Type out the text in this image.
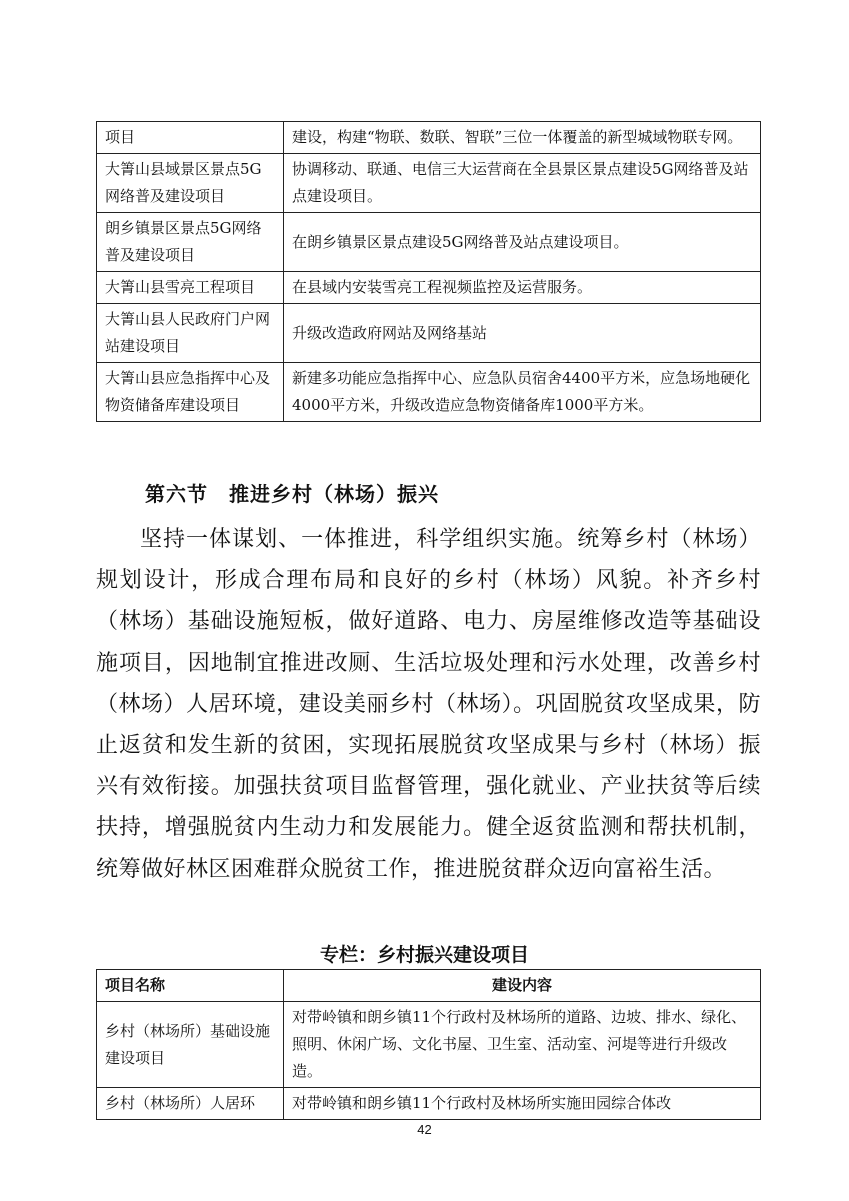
项目	建设，构建“物联、数联、智联”三位一体覆盖的新型城域物联专网。
大箐山县域景区景点5G网络普及建设项目	协调移动、联通、电信三大运营商在全县景区景点建设5G网络普及站点建设项目。
朗乡镇景区景点5G网络普及建设项目	在朗乡镇景区景点建设5G网络普及站点建设项目。
大箐山县雪亮工程项目	在县域内安装雪亮工程视频监控及运营服务。
大箐山县人民政府门户网站建设项目	升级改造政府网站及网络基站
大箐山县应急指挥中心及物资储备库建设项目	新建多功能应急指挥中心、应急队员宿舍4400平方米，应急场地硬化4000平方米，升级改造应急物资储备库1000平方米。
第六节　推进乡村（林场）振兴

坚持一体谋划、一体推进，科学组织实施。统筹乡村（林场）规划设计，形成合理布局和良好的乡村（林场）风貌。补齐乡村（林场）基础设施短板，做好道路、电力、房屋维修改造等基础设施项目，因地制宜推进改厕、生活垃圾处理和污水处理，改善乡村（林场）人居环境，建设美丽乡村（林场）。巩固脱贫攻坚成果，防止返贫和发生新的贫困，实现拓展脱贫攻坚成果与乡村（林场）振兴有效衔接。加强扶贫项目监督管理，强化就业、产业扶贫等后续扶持，增强脱贫内生动力和发展能力。健全返贫监测和帮扶机制，统筹做好林区困难群众脱贫工作，推进脱贫群众迈向富裕生活。

专栏：乡村振兴建设项目
项目名称	建设内容
乡村（林场所）基础设施建设项目	对带岭镇和朗乡镇11个行政村及林场所的道路、边坡、排水、绿化、照明、休闲广场、文化书屋、卫生室、活动室、河堤等进行升级改造。
乡村（林场所）人居环	对带岭镇和朗乡镇11个行政村及林场所实施田园综合体改
42
